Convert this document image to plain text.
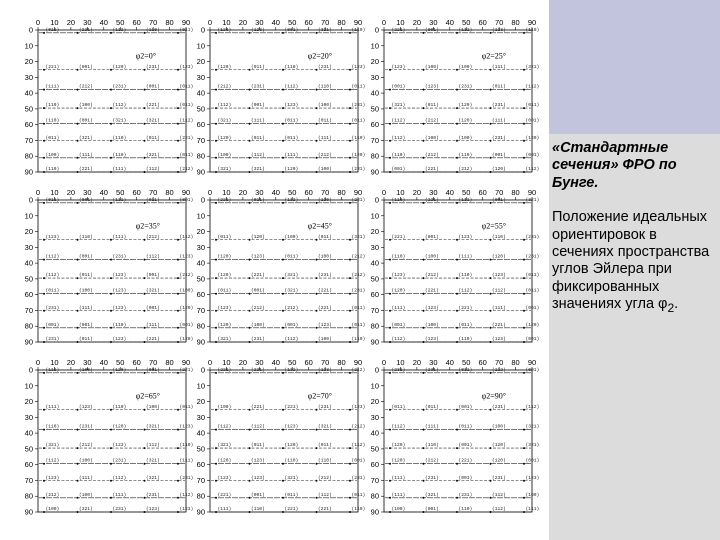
0 10 20 30 40 50 60 70 80 90
0
10
20
30
40
50
60
70
80
90
(011)	(221)	(112)	(110)	(011)
(221)	(001)	(120)	(231)	(123)
(111)	(212)	(231)	(001)	(011)
(110)	(100)	(112)	(221)	(011)
(110)	(001)	(321)	(321)	(112)
(011)	(321)	(110)	(011)	(221)
(100)	(111)	(110)	(321)	(011)
(110)	(221)	(111)	(112)	(212)
φ2=0°
0 10 20 30 40 50 60 70 80 90
0
10
20
30
40
50
60
70
80
90
(123)	(123)	(001)	(321)	(110)
(120)	(011)	(110)	(231)	(123)
(212)	(231)	(112)	(110)	(011)
(112)	(001)	(123)	(100)	(231)
(321)	(111)	(011)	(011)	(011)
(120)	(011)	(011)	(111)	(110)
(100)	(112)	(111)	(212)	(120)
(321)	(321)	(120)	(100)	(231)
φ2=20°
0 10 20 30 40 50 60 70 80 90
0
10
20
30
40
50
60
70
80
90
(221)	(001)	(111)	(123)	(110)
(123)	(100)	(100)	(111)	(321)
(001)	(123)	(231)	(011)	(112)
(321)	(011)	(120)	(231)	(011)
(112)	(212)	(120)	(111)	(001)
(112)	(100)	(100)	(231)	(120)
(110)	(212)	(110)	(001)	(001)
(001)	(221)	(212)	(120)	(112)
φ2=25°
0 10 20 30 40 50 60 70 80 90
0
10
20
30
40
50
60
70
80
90
(011)	(001)	(111)	(011)	(001)
(123)	(110)	(111)	(212)	(112)
(112)	(001)	(231)	(112)	(123)
(112)	(011)	(123)	(001)	(212)
(011)	(100)	(123)	(321)	(100)
(231)	(111)	(123)	(001)	(120)
(001)	(001)	(110)	(111)	(001)
(231)	(011)	(123)	(221)	(120)
φ2=35°
0 10 20 30 40 50 60 70 80 90
0
10
20
30
40
50
60
70
80
90
(221)	(011)	(112)	(120)	(231)
(011)	(120)	(100)	(011)	(321)
(120)	(123)	(011)	(100)	(212)
(120)	(221)	(321)	(231)	(212)
(011)	(001)	(321)	(221)	(231)
(123)	(212)	(212)	(221)	(011)
(120)	(100)	(001)	(123)	(011)
(321)	(231)	(112)	(100)	(110)
φ2=45°
0 10 20 30 40 50 60 70 80 90
0
10
20
30
40
50
60
70
80
90
(110)	(221)	(111)	(001)	(321)
(221)	(001)	(123)	(110)	(231)
(110)	(100)	(111)	(120)	(231)
(123)	(212)	(110)	(123)	(011)
(120)	(221)	(112)	(112)	(011)
(111)	(123)	(221)	(111)	(001)
(001)	(100)	(011)	(221)	(120)
(112)	(123)	(110)	(123)	(001)
φ2=55°
0 10 20 30 40 50 60 70 80 90
0
10
20
30
40
50
60
70
80
90
(112)	(100)	(120)	(001)	(221)
(111)	(123)	(110)	(100)	(011)
(110)	(231)	(120)	(321)	(123)
(321)	(212)	(123)	(112)	(110)
(112)	(100)	(231)	(321)	(111)
(123)	(111)	(112)	(321)	(231)
(212)	(100)	(111)	(231)	(112)
(100)	(321)	(231)	(123)	(123)
φ2=65°
0 10 20 30 40 50 60 70 80 90
0
10
20
30
40
50
60
70
80
90
(221)	(221)	(112)	(123)	(212)
(100)	(221)	(221)	(231)	(123)
(112)	(112)	(123)	(321)	(212)
(321)	(011)	(120)	(011)	(112)
(120)	(123)	(110)	(110)	(001)
(123)	(123)	(321)	(212)	(231)
(221)	(001)	(011)	(112)	(011)
(111)	(110)	(221)	(221)	(110)
φ2=70°
0 10 20 30 40 50 60 70 80 90
0
10
20
30
40
50
60
70
80
90
(231)	(231)	(011)	(112)	(001)
(011)	(011)	(001)	(231)	(112)
(112)	(111)	(011)	(100)	(321)
(120)	(110)	(001)	(120)	(321)
(120)	(212)	(221)	(120)	(001)
(111)	(231)	(001)	(231)	(123)
(111)	(321)	(231)	(112)	(100)
(100)	(001)	(110)	(112)	(111)
φ2=90°

«Стандартные сечения» ФРО по Бунге.

Положение идеальных ориентировок в сечениях пространства углов Эйлера при фиксированных значениях угла $\varphi_2$.
